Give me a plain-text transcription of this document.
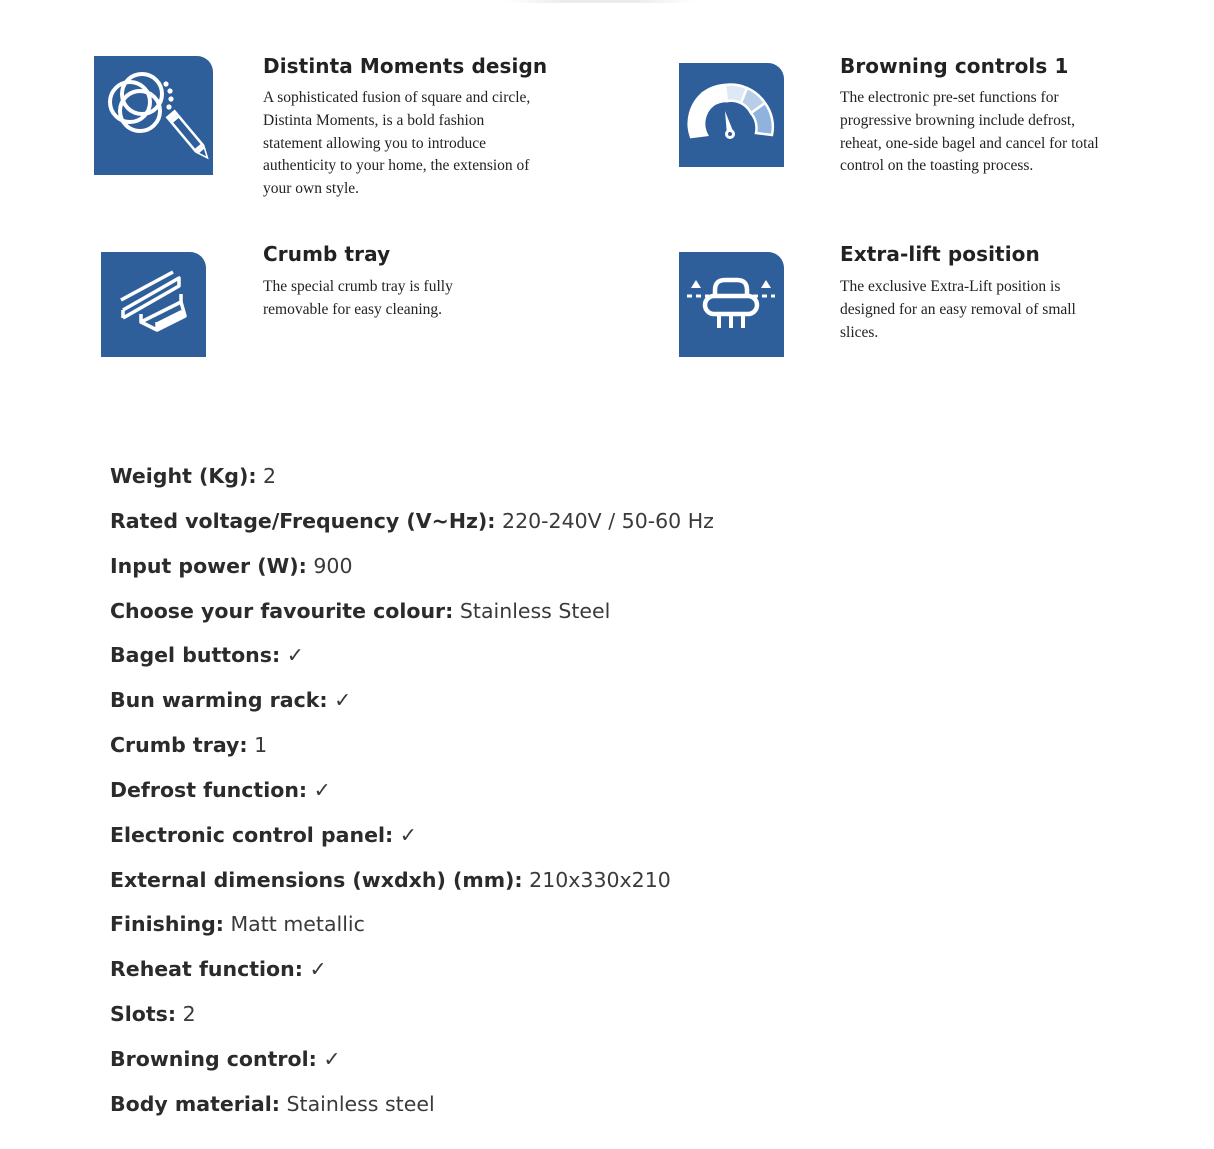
Distinta Moments design

A sophisticated fusion of square and circle, Distinta Moments, is a bold fashion statement allowing you to introduce authenticity to your home, the extension of your own style.

Browning controls 1

The electronic pre-set functions for progressive browning include defrost, reheat, one-side bagel and cancel for total control on the toasting process.

Crumb tray

The special crumb tray is fully removable for easy cleaning.

Extra-lift position

The exclusive Extra-Lift position is designed for an easy removal of small slices.

Weight (Kg): 2
Rated voltage/Frequency (V~Hz): 220-240V / 50-60 Hz
Input power (W): 900
Choose your favourite colour: Stainless Steel
Bagel buttons: ✓
Bun warming rack: ✓
Crumb tray: 1
Defrost function: ✓
Electronic control panel: ✓
External dimensions (wxdxh) (mm): 210x330x210
Finishing: Matt metallic
Reheat function: ✓
Slots: 2
Browning control: ✓
Body material: Stainless steel
